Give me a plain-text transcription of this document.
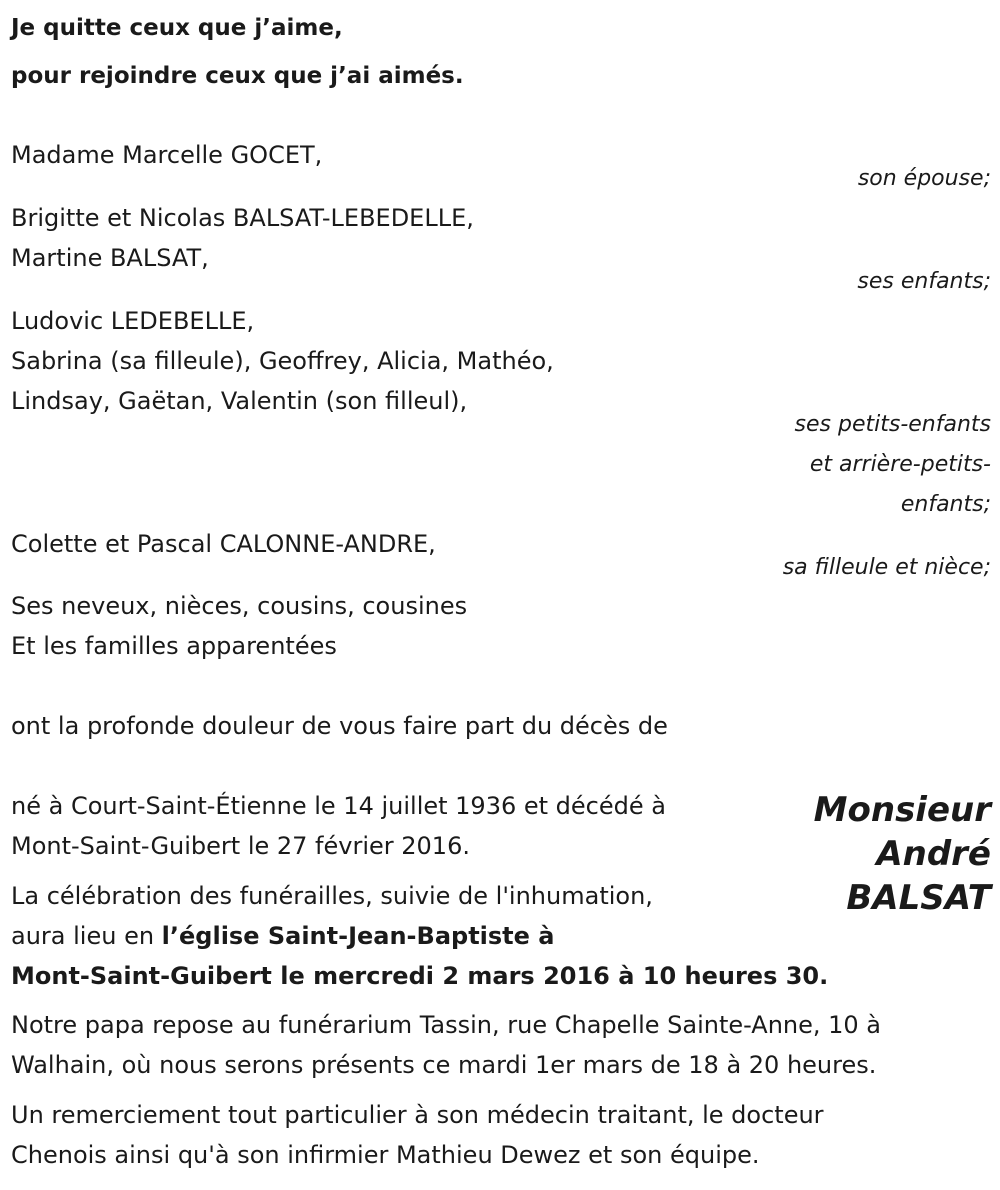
Je quitte ceux que j’aime,
pour rejoindre ceux que j’ai aimés.
Madame Marcelle GOCET,
son épouse;
Brigitte et Nicolas BALSAT-LEBEDELLE,
Martine BALSAT,
ses enfants;
Ludovic LEDEBELLE,
Sabrina (sa filleule), Geoffrey, Alicia, Mathéo,
Lindsay, Gaëtan, Valentin (son filleul),
ses petits-enfants
et arrière-petits-
enfants;
Colette et Pascal CALONNE-ANDRE,
sa filleule et nièce;
Ses neveux, nièces, cousins, cousines
Et les familles apparentées
ont la profonde douleur de vous faire part du décès de
Monsieur
André
BALSAT
né à Court-Saint-Étienne le 14 juillet 1936 et décédé à
Mont-Saint-Guibert le 27 février 2016.
La célébration des funérailles, suivie de l'inhumation,
aura lieu en l’église Saint-Jean-Baptiste à
Mont-Saint-Guibert le mercredi 2 mars 2016 à 10 heures 30.
Notre papa repose au funérarium Tassin, rue Chapelle Sainte-Anne, 10 à
Walhain, où nous serons présents ce mardi 1er mars de 18 à 20 heures.
Un remerciement tout particulier à son médecin traitant, le docteur
Chenois ainsi qu'à son infirmier Mathieu Dewez et son équipe.
